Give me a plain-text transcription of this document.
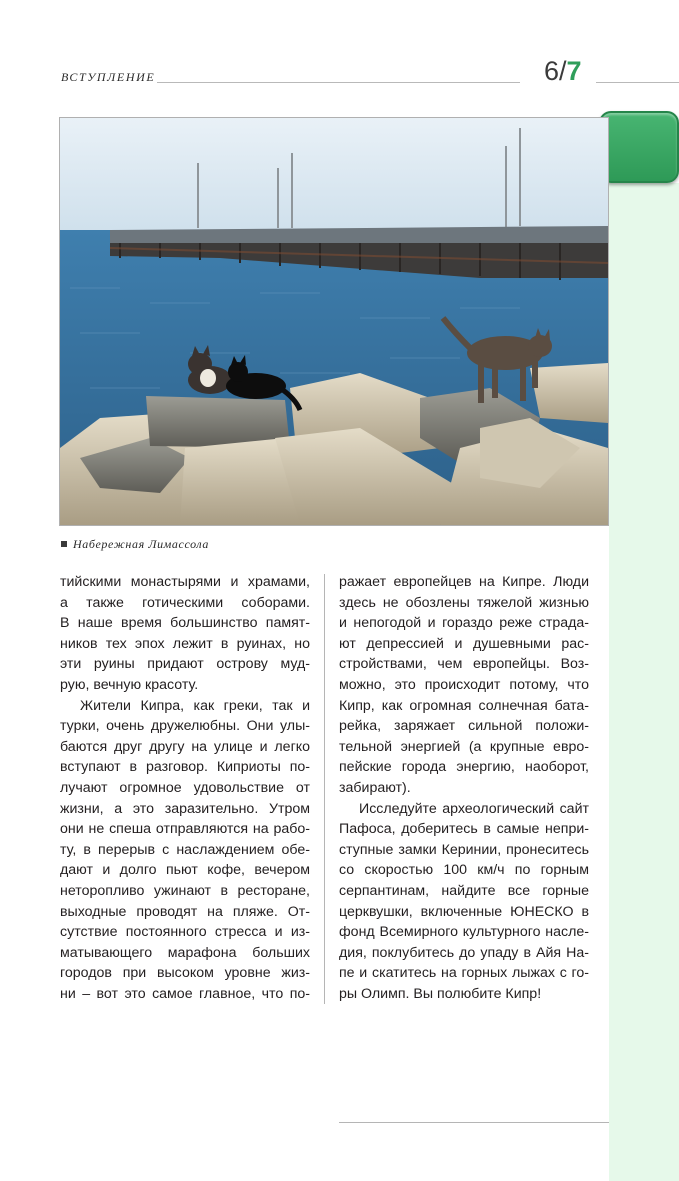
ВСТУПЛЕНИЕ	6/7
Набережная Лимассола
тийскими монастырями и храмами,
а также готическими соборами.
В наше время большинство памят-
ников тех эпох лежит в руинах, но
эти руины придают острову муд-
рую, вечную красоту.
Жители Кипра, как греки, так и
турки, очень дружелюбны. Они улы-
баются друг другу на улице и легко
вступают в разговор. Киприоты по-
лучают огромное удовольствие от
жизни, а это заразительно. Утром
они не спеша отправляются на рабо-
ту, в перерыв с наслаждением обе-
дают и долго пьют кофе, вечером
неторопливо ужинают в ресторане,
выходные проводят на пляже. От-
сутствие постоянного стресса и из-
матывающего марафона больших
городов при высоком уровне жиз-
ни – вот это самое главное, что по-
ражает европейцев на Кипре. Люди
здесь не обозлены тяжелой жизнью
и непогодой и гораздо реже страда-
ют депрессией и душевными рас-
стройствами, чем европейцы. Воз-
можно, это происходит потому, что
Кипр, как огромная солнечная бата-
рейка, заряжает сильной положи-
тельной энергией (а крупные евро-
пейские города энергию, наоборот,
забирают).
Исследуйте археологический сайт
Пафоса, доберитесь в самые непри-
ступные замки Керинии, пронеситесь
со скоростью 100 км/ч по горным
серпантинам, найдите все горные
церквушки, включенные ЮНЕСКО в
фонд Всемирного культурного насле-
дия, поклубитесь до упаду в Айя На-
пе и скатитесь на горных лыжах с го-
ры Олимп. Вы полюбите Кипр!
